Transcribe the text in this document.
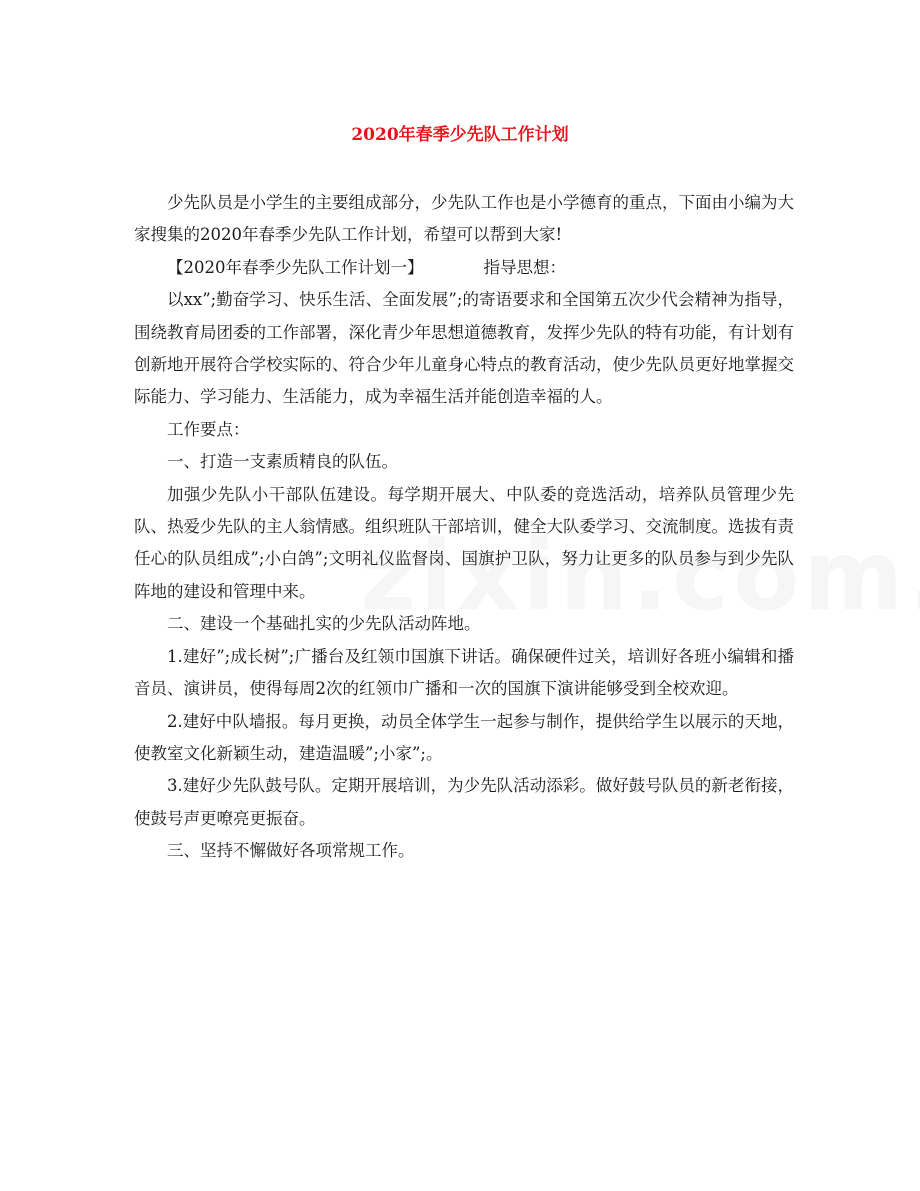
2020年春季少先队工作计划

少先队员是小学生的主要组成部分，少先队工作也是小学德育的重点，下面由小编为大家搜集的2020年春季少先队工作计划，希望可以帮到大家!

【2020年春季少先队工作计划一】	指导思想：

以xx”;勤奋学习、快乐生活、全面发展”;的寄语要求和全国第五次少代会精神为指导，围绕教育局团委的工作部署，深化青少年思想道德教育，发挥少先队的特有功能，有计划有创新地开展符合学校实际的、符合少年儿童身心特点的教育活动，使少先队员更好地掌握交际能力、学习能力、生活能力，成为幸福生活并能创造幸福的人。

工作要点：

一、打造一支素质精良的队伍。

加强少先队小干部队伍建设。每学期开展大、中队委的竞选活动，培养队员管理少先队、热爱少先队的主人翁情感。组织班队干部培训，健全大队委学习、交流制度。选拔有责任心的队员组成”;小白鸽”;文明礼仪监督岗、国旗护卫队，努力让更多的队员参与到少先队阵地的建设和管理中来。

二、建设一个基础扎实的少先队活动阵地。

1.建好”;成长树”;广播台及红领巾国旗下讲话。确保硬件过关，培训好各班小编辑和播音员、演讲员，使得每周2次的红领巾广播和一次的国旗下演讲能够受到全校欢迎。

2.建好中队墙报。每月更换，动员全体学生一起参与制作，提供给学生以展示的天地，使教室文化新颖生动，建造温暖”;小家”;。

3.建好少先队鼓号队。定期开展培训，为少先队活动添彩。做好鼓号队员的新老衔接，使鼓号声更嘹亮更振奋。

三、坚持不懈做好各项常规工作。
